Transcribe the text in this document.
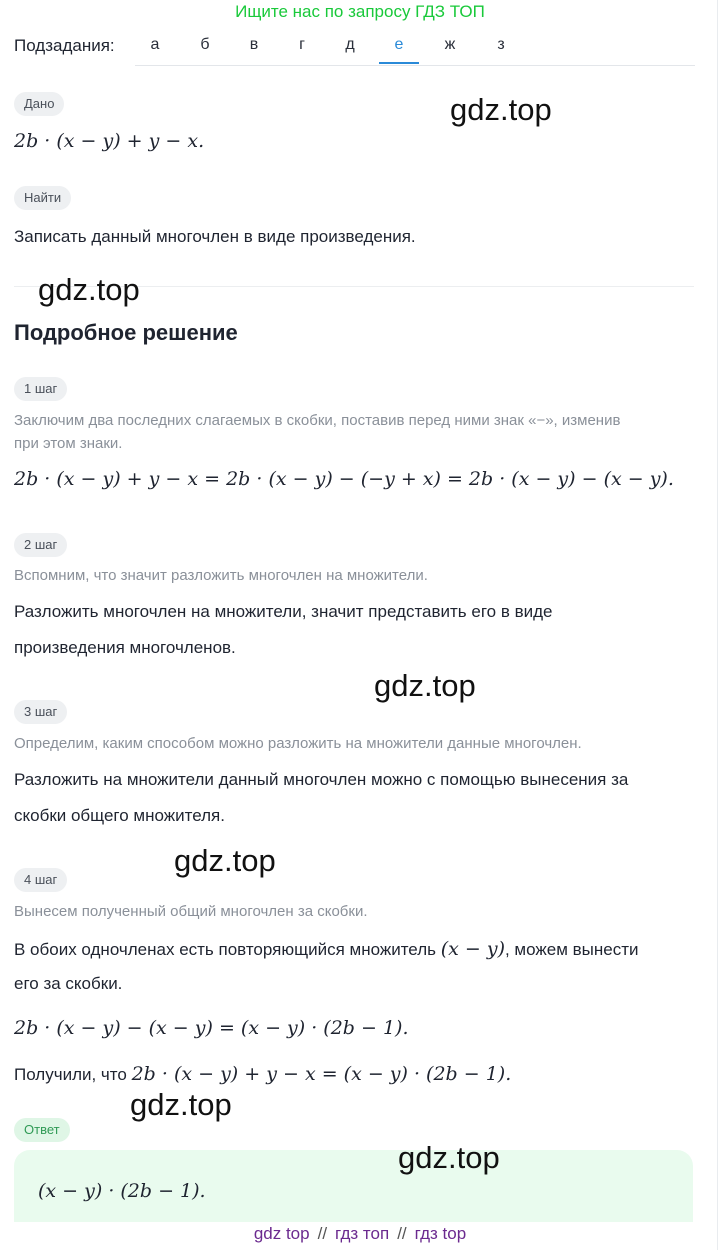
Ищите нас по запросу ГДЗ ТОП
Подзадания:	а	б	в	г	д	е	ж	з
Дано
2b · (x − y) + y − x.
Найти
Записать данный многочлен в виде произведения.
Подробное решение
1 шаг
Заключим два последних слагаемых в скобки, поставив перед ними знак «−», изменив
при этом знаки.
2b · (x − y) + y − x = 2b · (x − y) − (−y + x) = 2b · (x − y) − (x − y).
2 шаг
Вспомним, что значит разложить многочлен на множители.
Разложить многочлен на множители, значит представить его в виде
произведения многочленов.
3 шаг
Определим, каким способом можно разложить на множители данные многочлен.
Разложить на множители данный многочлен можно с помощью вынесения за
скобки общего множителя.
4 шаг
Вынесем полученный общий многочлен за скобки.
В обоих одночленах есть повторяющийся множитель (x − y), можем вынести
его за скобки.
2b · (x − y) − (x − y) = (x − y) · (2b − 1).
Получили, что 2b · (x − y) + y − x = (x − y) · (2b − 1).
Ответ
(x − y) · (2b − 1).
gdz.top
gdz.top
gdz.top
gdz.top
gdz.top
gdz.top
gdz top // гдз топ // гдз top
